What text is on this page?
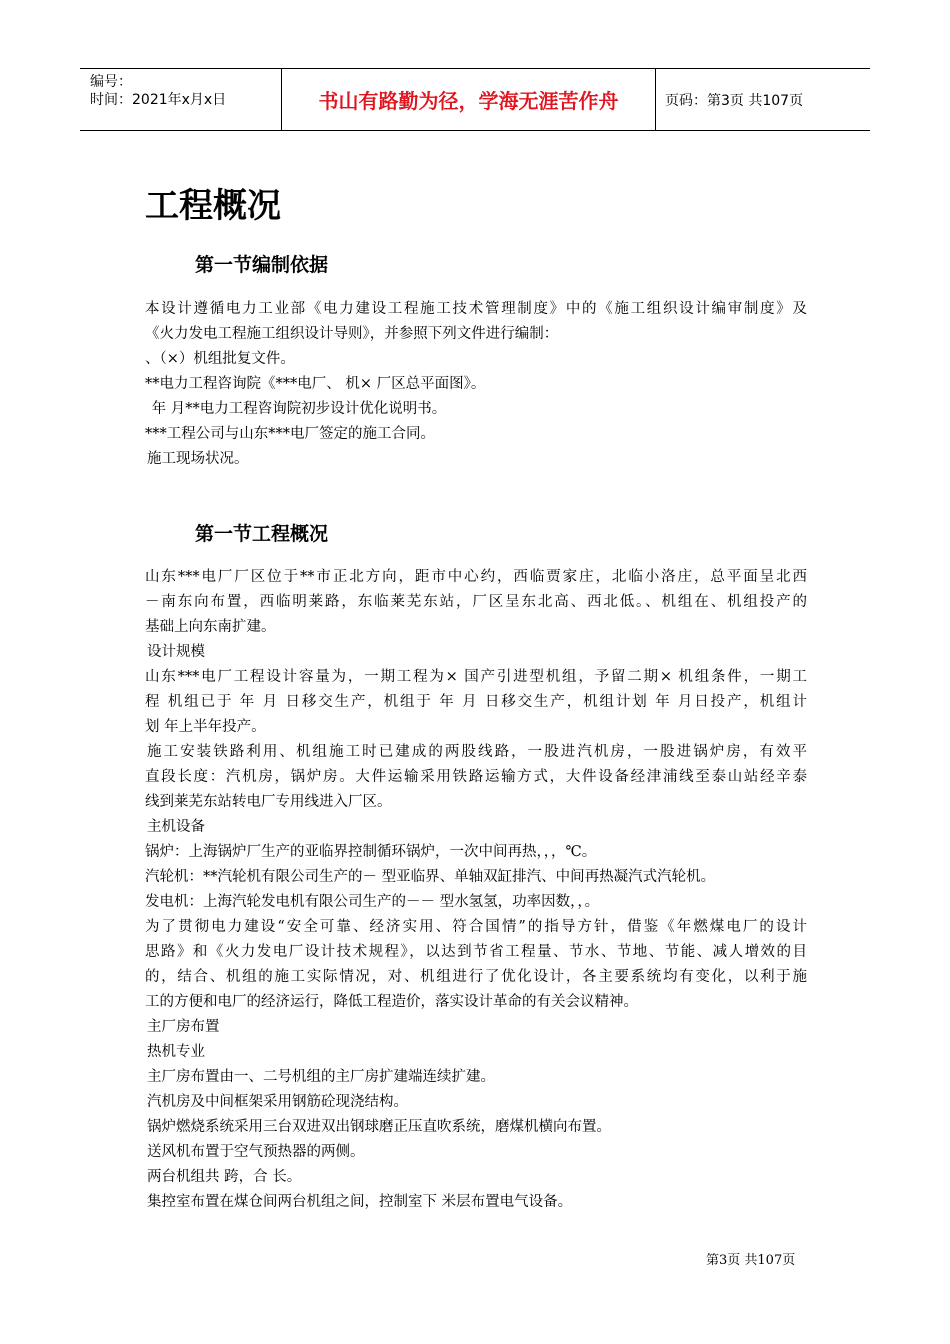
编号：
时间：2021年x月x日	书山有路勤为径，学海无涯苦作舟	页码：第3页 共107页
工程概况
第一节编制依据
本设计遵循电力工业部《电力建设工程施工技术管理制度》中的《施工组织设计编审制度》及
《火力发电工程施工组织设计导则》，并参照下列文件进行编制：
、（×）机组批复文件。
**电力工程咨询院《***电厂、 机× 厂区总平面图》。
年 月**电力工程咨询院初步设计优化说明书。
***工程公司与山东***电厂签定的施工合同。
施工现场状况。
第一节工程概况
山东***电厂厂区位于**市正北方向，距市中心约，西临贾家庄，北临小洛庄，总平面呈北西
－南东向布置，西临明莱路，东临莱芜东站，厂区呈东北高、西北低。、机组在、机组投产的
基础上向东南扩建。
设计规模
山东***电厂工程设计容量为，一期工程为× 国产引进型机组，予留二期× 机组条件，一期工
程 机组已于 年 月 日移交生产，机组于 年 月 日移交生产，机组计划 年 月日投产，机组计
划 年上半年投产。
施工安装铁路利用、机组施工时已建成的两股线路，一股进汽机房，一股进锅炉房，有效平
直段长度：汽机房，锅炉房。大件运输采用铁路运输方式，大件设备经津浦线至泰山站经辛泰
线到莱芜东站转电厂专用线进入厂区。
主机设备
锅炉：上海锅炉厂生产的亚临界控制循环锅炉，一次中间再热，，，℃。
汽轮机：**汽轮机有限公司生产的－ 型亚临界、单轴双缸排汽、中间再热凝汽式汽轮机。
发电机：上海汽轮发电机有限公司生产的－－ 型水氢氢，功率因数，，。
为了贯彻电力建设“安全可靠、经济实用、符合国情”的指导方针，借鉴《年燃煤电厂的设计
思路》和《火力发电厂设计技术规程》，以达到节省工程量、节水、节地、节能、减人增效的目
的，结合、机组的施工实际情况，对、机组进行了优化设计，各主要系统均有变化，以利于施
工的方便和电厂的经济运行，降低工程造价，落实设计革命的有关会议精神。
主厂房布置
热机专业
主厂房布置由一、二号机组的主厂房扩建端连续扩建。
汽机房及中间框架采用钢筋砼现浇结构。
锅炉燃烧系统采用三台双进双出钢球磨正压直吹系统，磨煤机横向布置。
送风机布置于空气预热器的两侧。
两台机组共 跨，合 长。
集控室布置在煤仓间两台机组之间，控制室下 米层布置电气设备。
第3页 共107页
